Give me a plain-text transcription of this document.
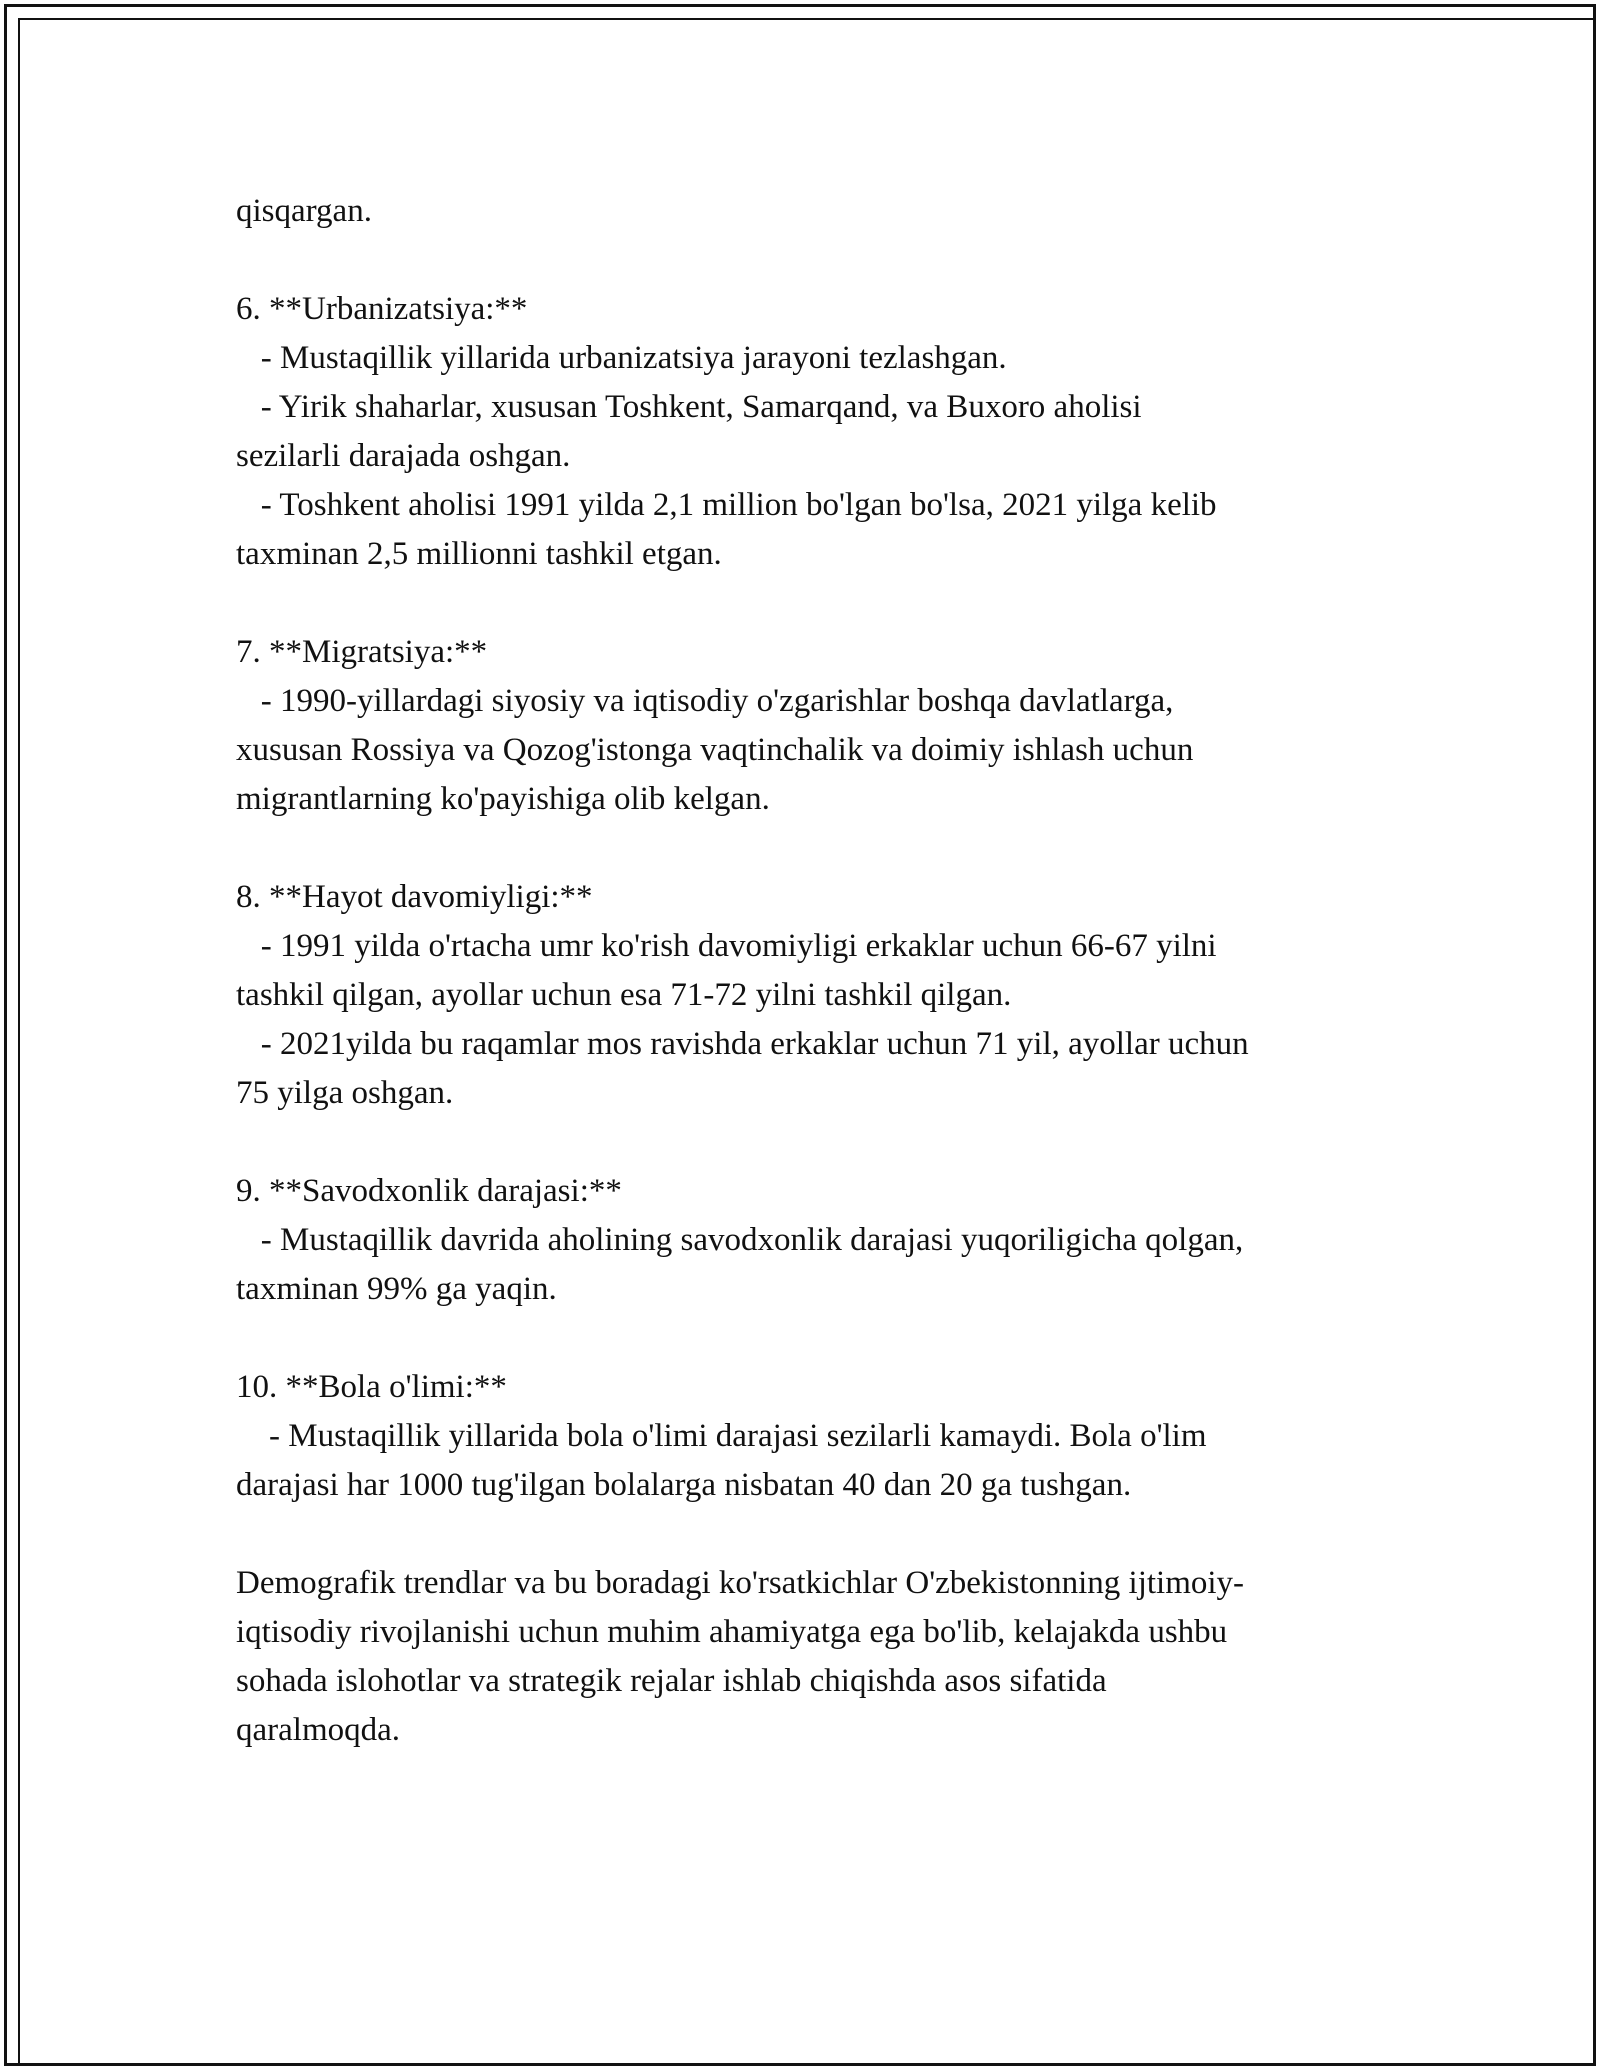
qisqargan.

6. **Urbanizatsiya:**

- Mustaqillik yillarida urbanizatsiya jarayoni tezlashgan.

- Yirik shaharlar, xususan Toshkent, Samarqand, va Buxoro aholisi
sezilarli darajada oshgan.

- Toshkent aholisi 1991 yilda 2,1 million bo'lgan bo'lsa, 2021 yilga kelib
taxminan 2,5 millionni tashkil etgan.

7. **Migratsiya:**

- 1990-yillardagi siyosiy va iqtisodiy o'zgarishlar boshqa davlatlarga,
xususan Rossiya va Qozog'istonga vaqtinchalik va doimiy ishlash uchun
migrantlarning ko'payishiga olib kelgan.

8. **Hayot davomiyligi:**

- 1991 yilda o'rtacha umr ko'rish davomiyligi erkaklar uchun 66-67 yilni
tashkil qilgan, ayollar uchun esa 71-72 yilni tashkil qilgan.

- 2021yilda bu raqamlar mos ravishda erkaklar uchun 71 yil, ayollar uchun
75 yilga oshgan.

9. **Savodxonlik darajasi:**

- Mustaqillik davrida aholining savodxonlik darajasi yuqoriligicha qolgan,
taxminan 99% ga yaqin.

10. **Bola o'limi:**

- Mustaqillik yillarida bola o'limi darajasi sezilarli kamaydi. Bola o'lim
darajasi har 1000 tug'ilgan bolalarga nisbatan 40 dan 20 ga tushgan.

Demografik trendlar va bu boradagi ko'rsatkichlar O'zbekistonning ijtimoiy-
iqtisodiy rivojlanishi uchun muhim ahamiyatga ega bo'lib, kelajakda ushbu
sohada islohotlar va strategik rejalar ishlab chiqishda asos sifatida
qaralmoqda.
